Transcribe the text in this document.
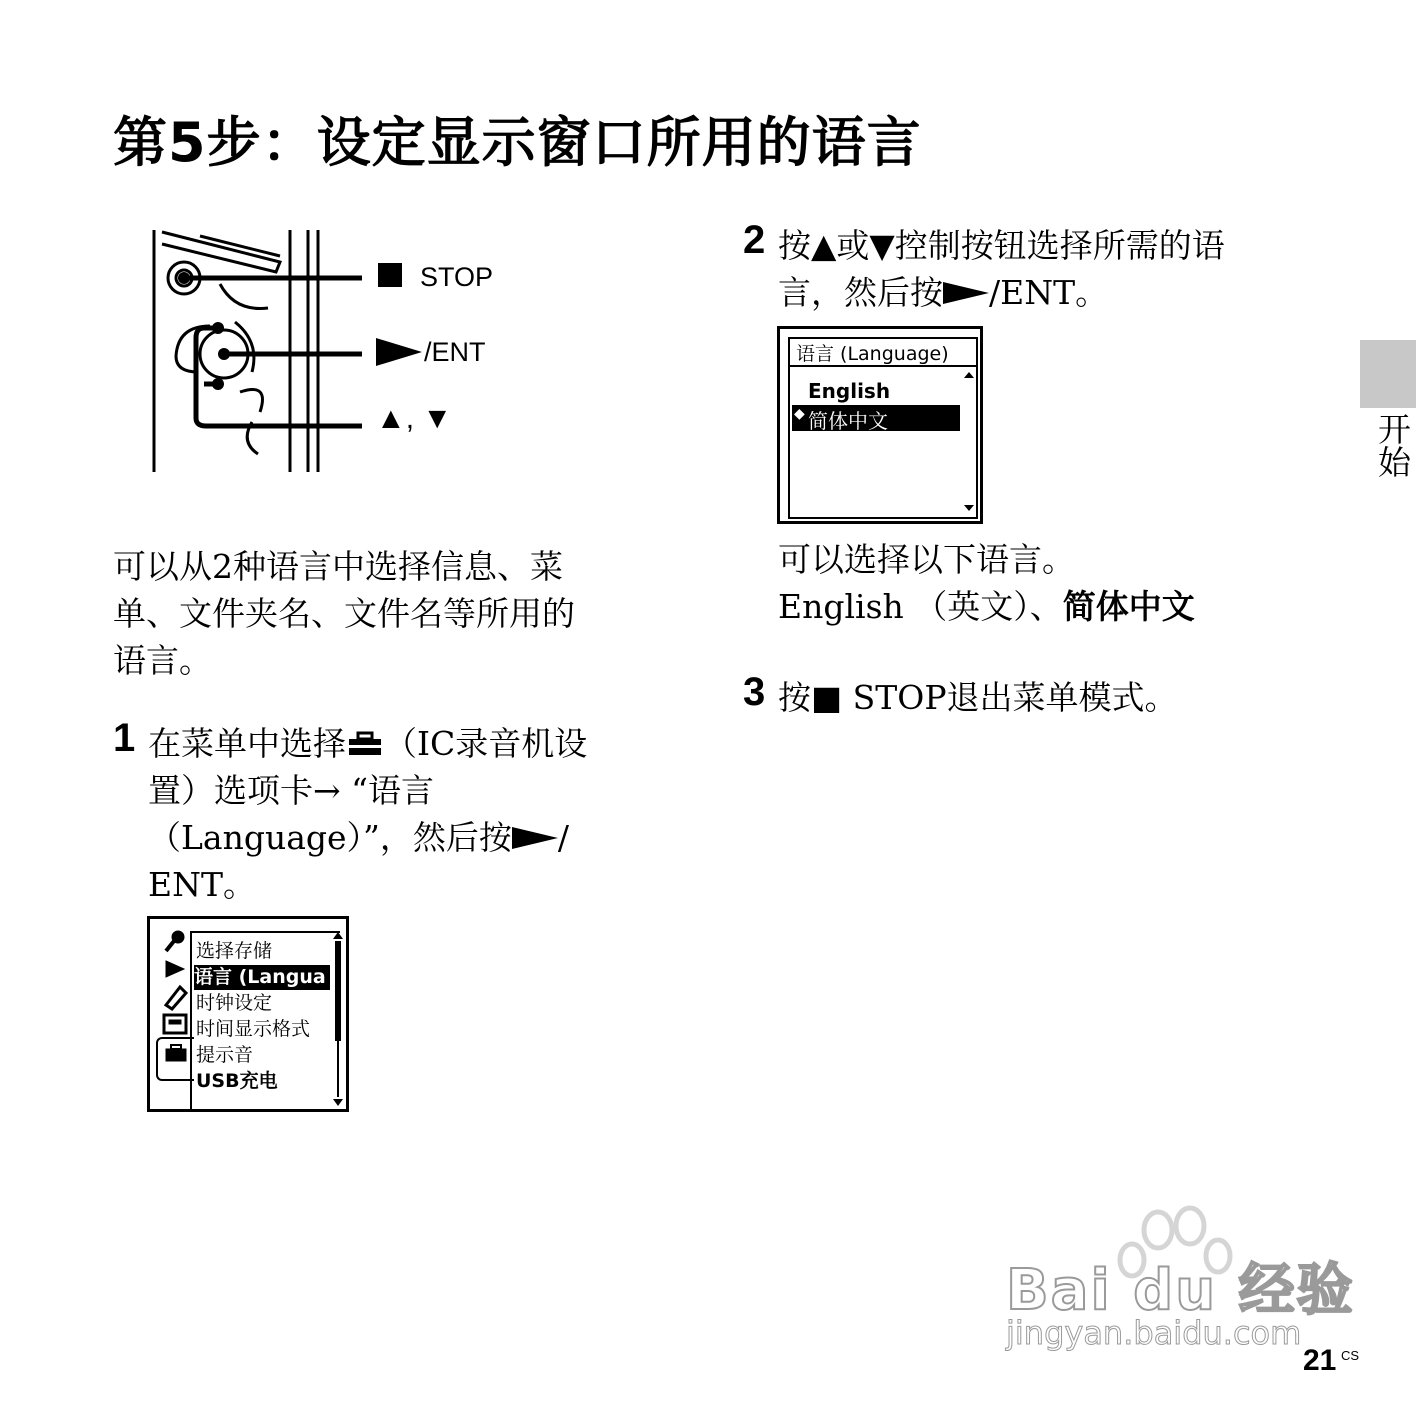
第5步：设定显示窗口所用的语言
STOP
/ENT
▲, ▼
可以从2种语言中选择信息、菜
单、文件夹名、文件名等所用的
语言。
1 在菜单中选择 （IC录音机设
置）选项卡→ “语言
（Language）”，然后按 /
ENT。
选择存储
语言 (Langua
时钟设定
时间显示格式
提示音
USB充电
2 按▲或▼控制按钮选择所需的语
言，然后按 /ENT。
语言 (Language)
English
◆ 简体中文
可以选择以下语言。
English （英文）、简体中文
3 按■ STOP退出菜单模式。
开始
Bai du 经验
jingyan.baidu.com
21 CS
